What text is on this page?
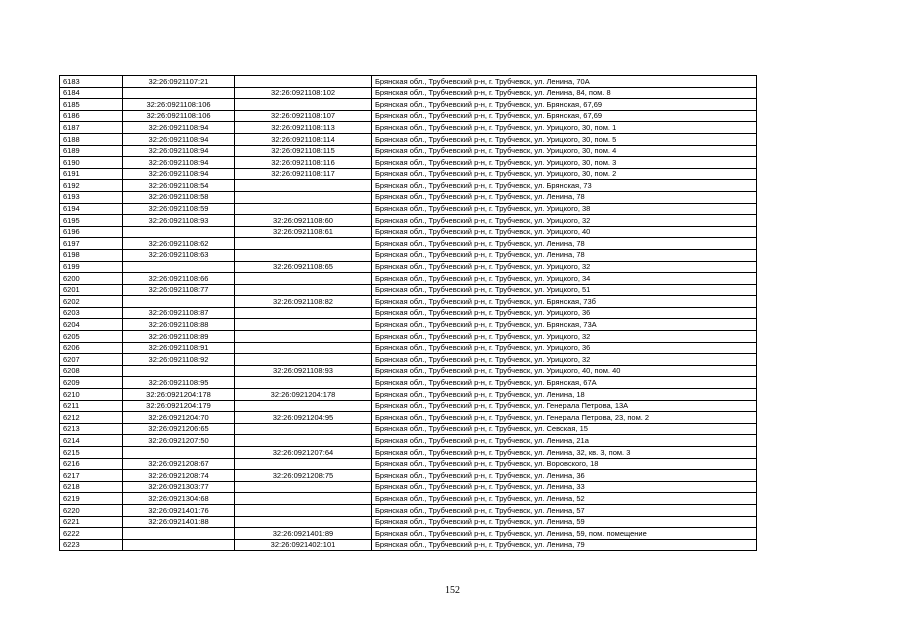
6183	32:26:0921107:21		Брянская обл., Трубчевский р-н, г. Трубчевск, ул. Ленина, 70А
6184		32:26:0921108:102	Брянская обл., Трубчевский р-н, г. Трубчевск, ул. Ленина, 84, пом. 8
6185	32:26:0921108:106		Брянская обл., Трубчевский р-н, г. Трубчевск, ул. Брянская, 67,69
6186	32:26:0921108:106	32:26:0921108:107	Брянская обл., Трубчевский р-н, г. Трубчевск, ул. Брянская, 67,69
6187	32:26:0921108:94	32:26:0921108:113	Брянская обл., Трубчевский р-н, г. Трубчевск, ул. Урицкого, 30, пом. 1
6188	32:26:0921108:94	32:26:0921108:114	Брянская обл., Трубчевский р-н, г. Трубчевск, ул. Урицкого, 30, пом. 5
6189	32:26:0921108:94	32:26:0921108:115	Брянская обл., Трубчевский р-н, г. Трубчевск, ул. Урицкого, 30, пом. 4
6190	32:26:0921108:94	32:26:0921108:116	Брянская обл., Трубчевский р-н, г. Трубчевск, ул. Урицкого, 30, пом. 3
6191	32:26:0921108:94	32:26:0921108:117	Брянская обл., Трубчевский р-н, г. Трубчевск, ул. Урицкого, 30, пом. 2
6192	32:26:0921108:54		Брянская обл., Трубчевский р-н, г. Трубчевск, ул. Брянская, 73
6193	32:26:0921108:58		Брянская обл., Трубчевский р-н, г. Трубчевск, ул. Ленина, 78
6194	32:26:0921108:59		Брянская обл., Трубчевский р-н, г. Трубчевск, ул. Урицкого, 38
6195	32:26:0921108:93	32:26:0921108:60	Брянская обл., Трубчевский р-н, г. Трубчевск, ул. Урицкого, 32
6196		32:26:0921108:61	Брянская обл., Трубчевский р-н, г. Трубчевск, ул. Урицкого, 40
6197	32:26:0921108:62		Брянская обл., Трубчевский р-н, г. Трубчевск, ул. Ленина, 78
6198	32:26:0921108:63		Брянская обл., Трубчевский р-н, г. Трубчевск, ул. Ленина, 78
6199		32:26:0921108:65	Брянская обл., Трубчевский р-н, г. Трубчевск, ул. Урицкого, 32
6200	32:26:0921108:66		Брянская обл., Трубчевский р-н, г. Трубчевск, ул. Урицкого, 34
6201	32:26:0921108:77		Брянская обл., Трубчевский р-н, г. Трубчевск, ул. Урицкого, 51
6202		32:26:0921108:82	Брянская обл., Трубчевский р-н, г. Трубчевск, ул. Брянская, 73б
6203	32:26:0921108:87		Брянская обл., Трубчевский р-н, г. Трубчевск, ул. Урицкого, 36
6204	32:26:0921108:88		Брянская обл., Трубчевский р-н, г. Трубчевск, ул. Брянская, 73А
6205	32:26:0921108:89		Брянская обл., Трубчевский р-н, г. Трубчевск, ул. Урицкого, 32
6206	32:26:0921108:91		Брянская обл., Трубчевский р-н, г. Трубчевск, ул. Урицкого, 36
6207	32:26:0921108:92		Брянская обл., Трубчевский р-н, г. Трубчевск, ул. Урицкого, 32
6208		32:26:0921108:93	Брянская обл., Трубчевский р-н, г. Трубчевск, ул. Урицкого, 40, пом. 40
6209	32:26:0921108:95		Брянская обл., Трубчевский р-н, г. Трубчевск, ул. Брянская, 67А
6210	32:26:0921204:178	32:26:0921204:178	Брянская обл., Трубчевский р-н, г. Трубчевск, ул. Ленина, 18
6211	32:26:0921204:179		Брянская обл., Трубчевский р-н, г. Трубчевск, ул. Генерала Петрова, 13А
6212	32:26:0921204:70	32:26:0921204:95	Брянская обл., Трубчевский р-н, г. Трубчевск, ул. Генерала Петрова, 23, пом. 2
6213	32:26:0921206:65		Брянская обл., Трубчевский р-н, г. Трубчевск, ул. Севская, 15
6214	32:26:0921207:50		Брянская обл., Трубчевский р-н, г. Трубчевск, ул. Ленина, 21а
6215		32:26:0921207:64	Брянская обл., Трубчевский р-н, г. Трубчевск, ул. Ленина, 32, кв. 3, пом. 3
6216	32:26:0921208:67		Брянская обл., Трубчевский р-н, г. Трубчевск, ул. Воровского, 18
6217	32:26:0921208:74	32:26:0921208:75	Брянская обл., Трубчевский р-н, г. Трубчевск, ул. Ленина, 36
6218	32:26:0921303:77		Брянская обл., Трубчевский р-н, г. Трубчевск, ул. Ленина, 33
6219	32:26:0921304:68		Брянская обл., Трубчевский р-н, г. Трубчевск, ул. Ленина, 52
6220	32:26:0921401:76		Брянская обл., Трубчевский р-н, г. Трубчевск, ул. Ленина, 57
6221	32:26:0921401:88		Брянская обл., Трубчевский р-н, г. Трубчевск, ул. Ленина, 59
6222		32:26:0921401:89	Брянская обл., Трубчевский р-н, г. Трубчевск, ул. Ленина, 59, пом. помещение
6223		32:26:0921402:101	Брянская обл., Трубчевский р-н, г. Трубчевск, ул. Ленина, 79
152
